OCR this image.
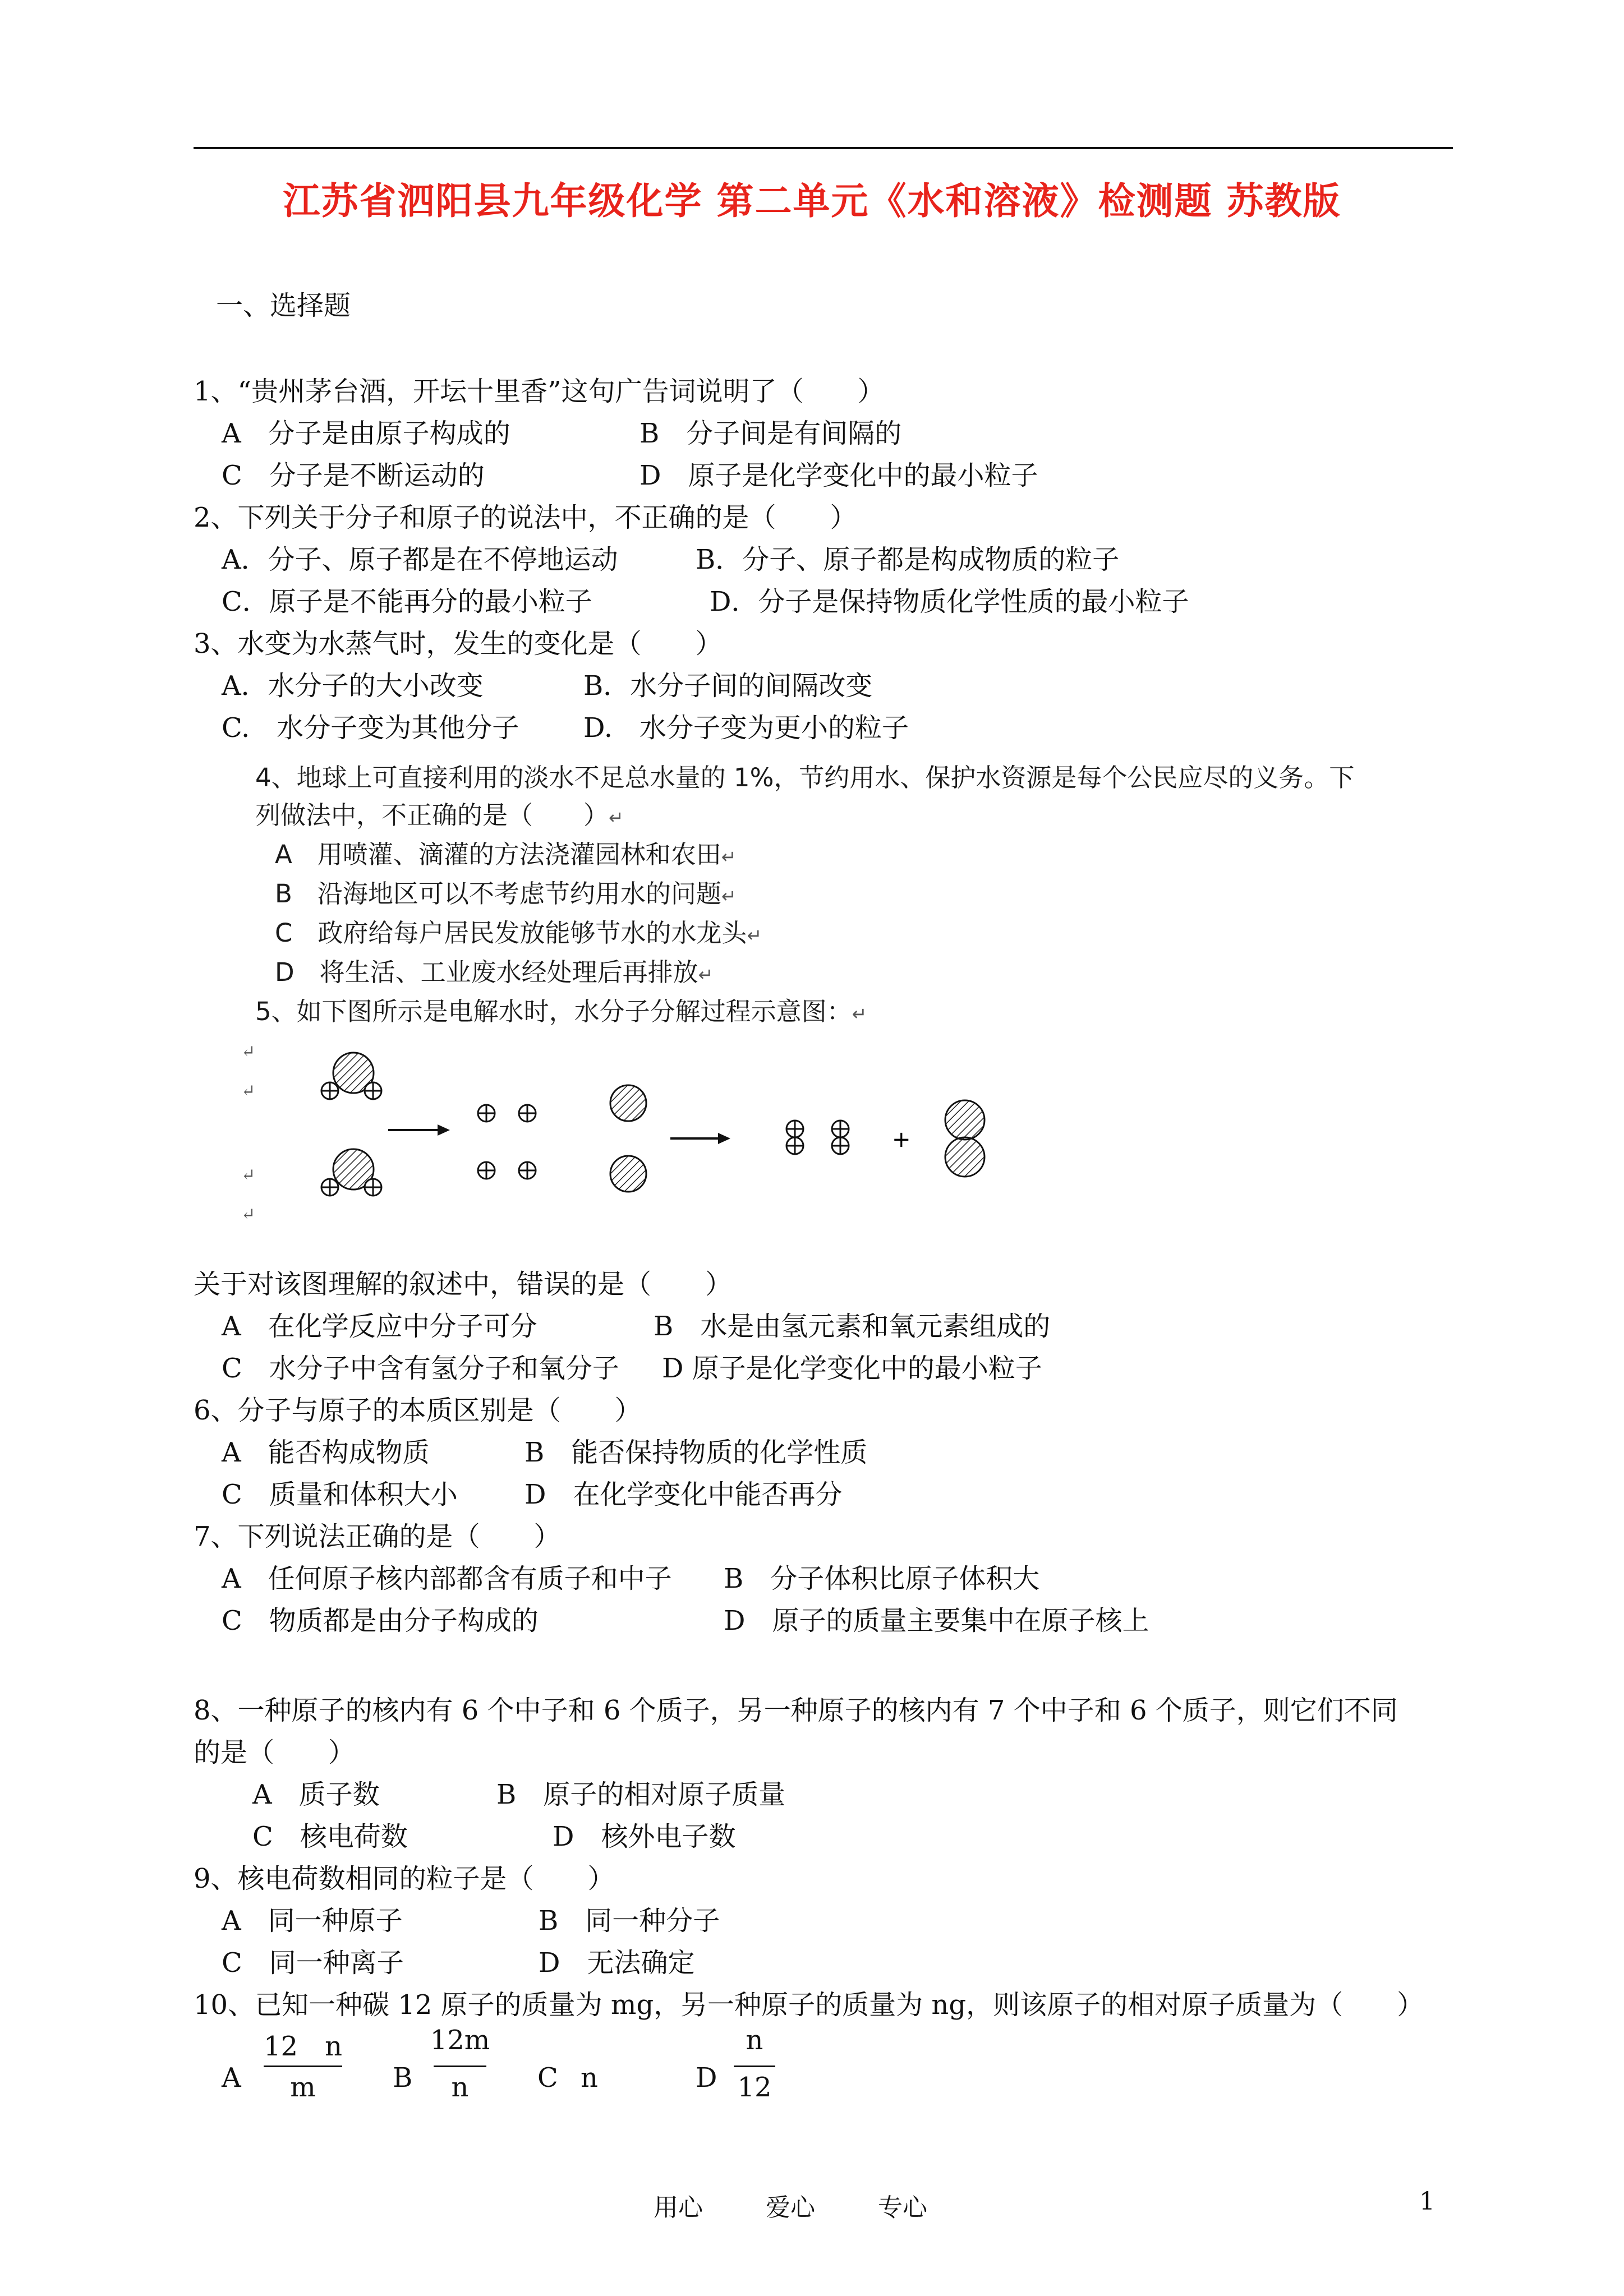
江苏省泗阳县九年级化学 第二单元《水和溶液》检测题 苏教版
一、选择题
1、“贵州茅台酒，开坛十里香”这句广告词说明了（　　）
A　分子是由原子构成的	B　分子间是有间隔的
C　分子是不断运动的	D　原子是化学变化中的最小粒子
2、下列关于分子和原子的说法中，不正确的是（　　）
A．分子、原子都是在不停地运动	B．分子、原子都是构成物质的粒子
C．原子是不能再分的最小粒子	D．分子是保持物质化学性质的最小粒子
3、水变为水蒸气时，发生的变化是（　　）
A．水分子的大小改变	B．水分子间的间隔改变
C.　水分子变为其他分子 D.　水分子变为更小的粒子
4、地球上可直接利用的淡水不足总水量的 1%，节约用水、保护水资源是每个公民应尽的义务。下
列做法中，不正确的是（　　）↵
A　用喷灌、滴灌的方法浇灌园林和农田↵
B　沿海地区可以不考虑节约用水的问题↵
C　政府给每户居民发放能够节水的水龙头↵
D　将生活、工业废水经处理后再排放↵
5、如下图所示是电解水时，水分子分解过程示意图：↵
↵
↵
↵
↵
+
关于对该图理解的叙述中，错误的是（　　）
A　在化学反应中分子可分	B　水是由氢元素和氧元素组成的
C　水分子中含有氢分子和氧分子 D 原子是化学变化中的最小粒子
6、分子与原子的本质区别是（　　）
A　能否构成物质	B　能否保持物质的化学性质
C　质量和体积大小 D　在化学变化中能否再分
7、下列说法正确的是（　　）
A　任何原子核内部都含有质子和中子 B　分子体积比原子体积大
C　物质都是由分子构成的	D　原子的质量主要集中在原子核上
8、一种原子的核内有 6 个中子和 6 个质子，另一种原子的核内有 7 个中子和 6 个质子，则它们不同
的是（　　）
A　质子数	B　原子的相对原子质量
C　核电荷数	D　核外电子数
9、核电荷数相同的粒子是（　　）
A　同一种原子	B　同一种分子
C　同一种离子	D　无法确定
10、已知一种碳 12 原子的质量为 mg，另一种原子的质量为 ng，则该原子的相对原子质量为（　　）
A
12　n
m	B
12m
n	C n	D
n
12
用心	爱心	专心	1
